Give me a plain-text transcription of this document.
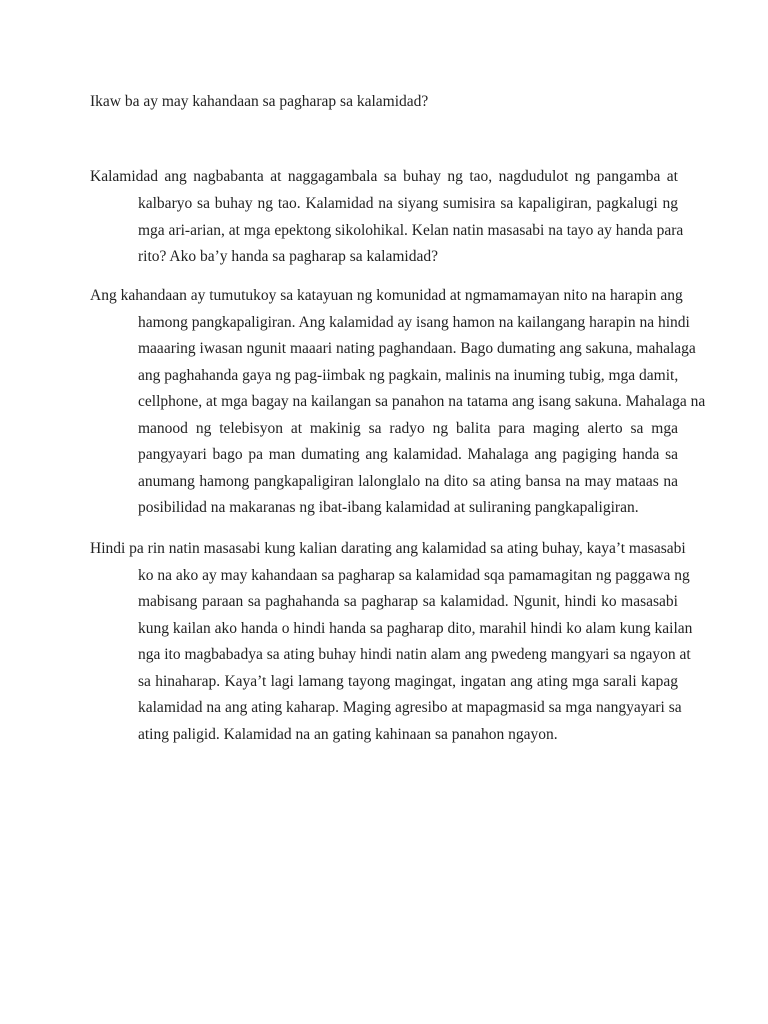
Ikaw ba ay may kahandaan sa pagharap sa kalamidad?

Kalamidad ang nagbabanta at naggagambala sa buhay ng tao, nagdudulot ng pangamba at
kalbaryo sa buhay ng tao. Kalamidad na siyang sumisira sa kapaligiran, pagkalugi ng
mga ari-arian, at mga epektong sikolohikal. Kelan natin masasabi na tayo ay handa para
rito? Ako ba’y handa sa pagharap sa kalamidad?
Ang kahandaan ay tumutukoy sa katayuan ng komunidad at ngmamamayan nito na harapin ang
hamong pangkapaligiran. Ang kalamidad ay isang hamon na kailangang harapin na hindi
maaaring iwasan ngunit maaari nating paghandaan. Bago dumating ang sakuna, mahalaga
ang paghahanda gaya ng pag-iimbak ng pagkain, malinis na inuming tubig, mga damit,
cellphone, at mga bagay na kailangan sa panahon na tatama ang isang sakuna. Mahalaga na
manood ng telebisyon at makinig sa radyo ng balita para maging alerto sa mga
pangyayari bago pa man dumating ang kalamidad. Mahalaga ang pagiging handa sa
anumang hamong pangkapaligiran lalonglalo na dito sa ating bansa na may mataas na
posibilidad na makaranas ng ibat-ibang kalamidad at suliraning pangkapaligiran.
Hindi pa rin natin masasabi kung kalian darating ang kalamidad sa ating buhay, kaya’t masasabi
ko na ako ay may kahandaan sa pagharap sa kalamidad sqa pamamagitan ng paggawa ng
mabisang paraan sa paghahanda sa pagharap sa kalamidad. Ngunit, hindi ko masasabi
kung kailan ako handa o hindi handa sa pagharap dito, marahil hindi ko alam kung kailan
nga ito magbabadya sa ating buhay hindi natin alam ang pwedeng mangyari sa ngayon at
sa hinaharap. Kaya’t lagi lamang tayong magingat, ingatan ang ating mga sarali kapag
kalamidad na ang ating kaharap. Maging agresibo at mapagmasid sa mga nangyayari sa
ating paligid. Kalamidad na an gating kahinaan sa panahon ngayon.
